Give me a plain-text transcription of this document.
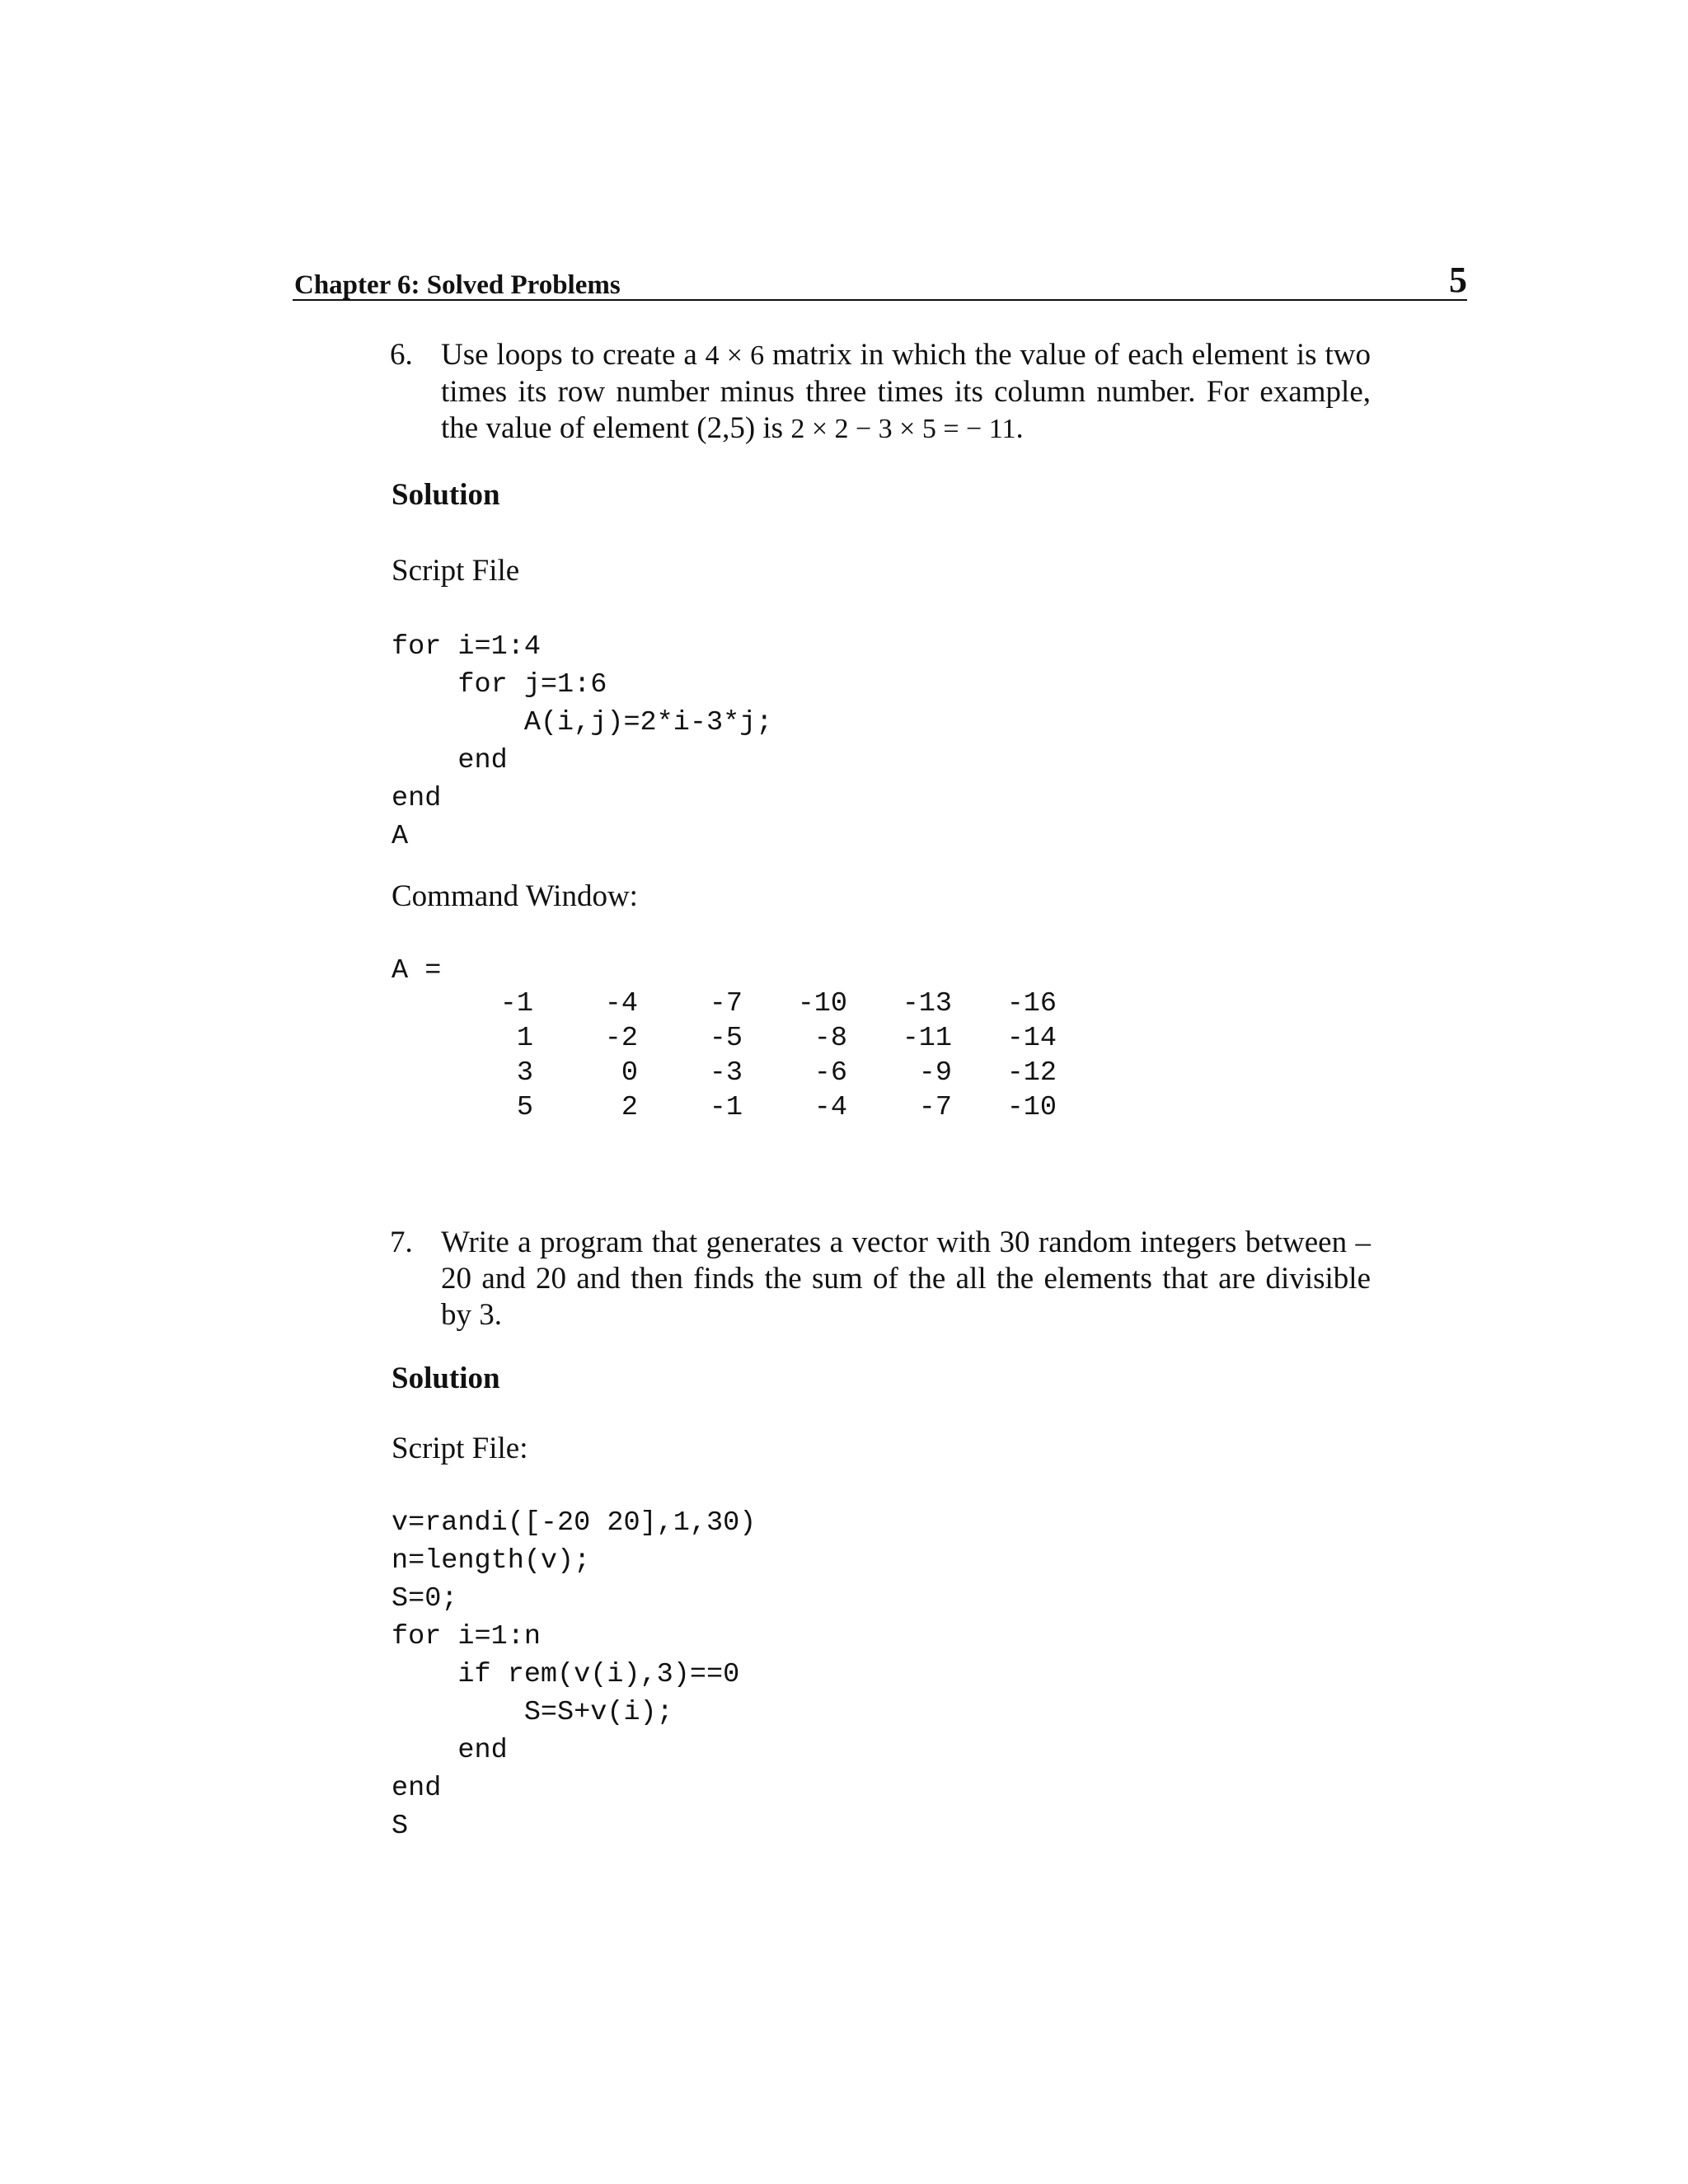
Chapter 6: Solved Problems	5
6. Use loops to create a 4 × 6 matrix in which the value of each element is two times its row number minus three times its column number. For example, the value of element (2,5) is 2 × 2 − 3 × 5 = − 11.
Solution
Script File
for i=1:4
for j=1:6
A(i,j)=2*i-3*j;
end
end
A
Command Window:
A =
-1	-4	-7	-10	-13	-16
1	-2	-5	-8	-11	-14
3	0	-3	-6	-9	-12
5	2	-1	-4	-7	-10
7. Write a program that generates a vector with 30 random integers between –20 and 20 and then finds the sum of the all the elements that are divisible by 3.
Solution
Script File:
v=randi([-20 20],1,30)
n=length(v);
S=0;
for i=1:n
if rem(v(i),3)==0
S=S+v(i);
end
end
S
